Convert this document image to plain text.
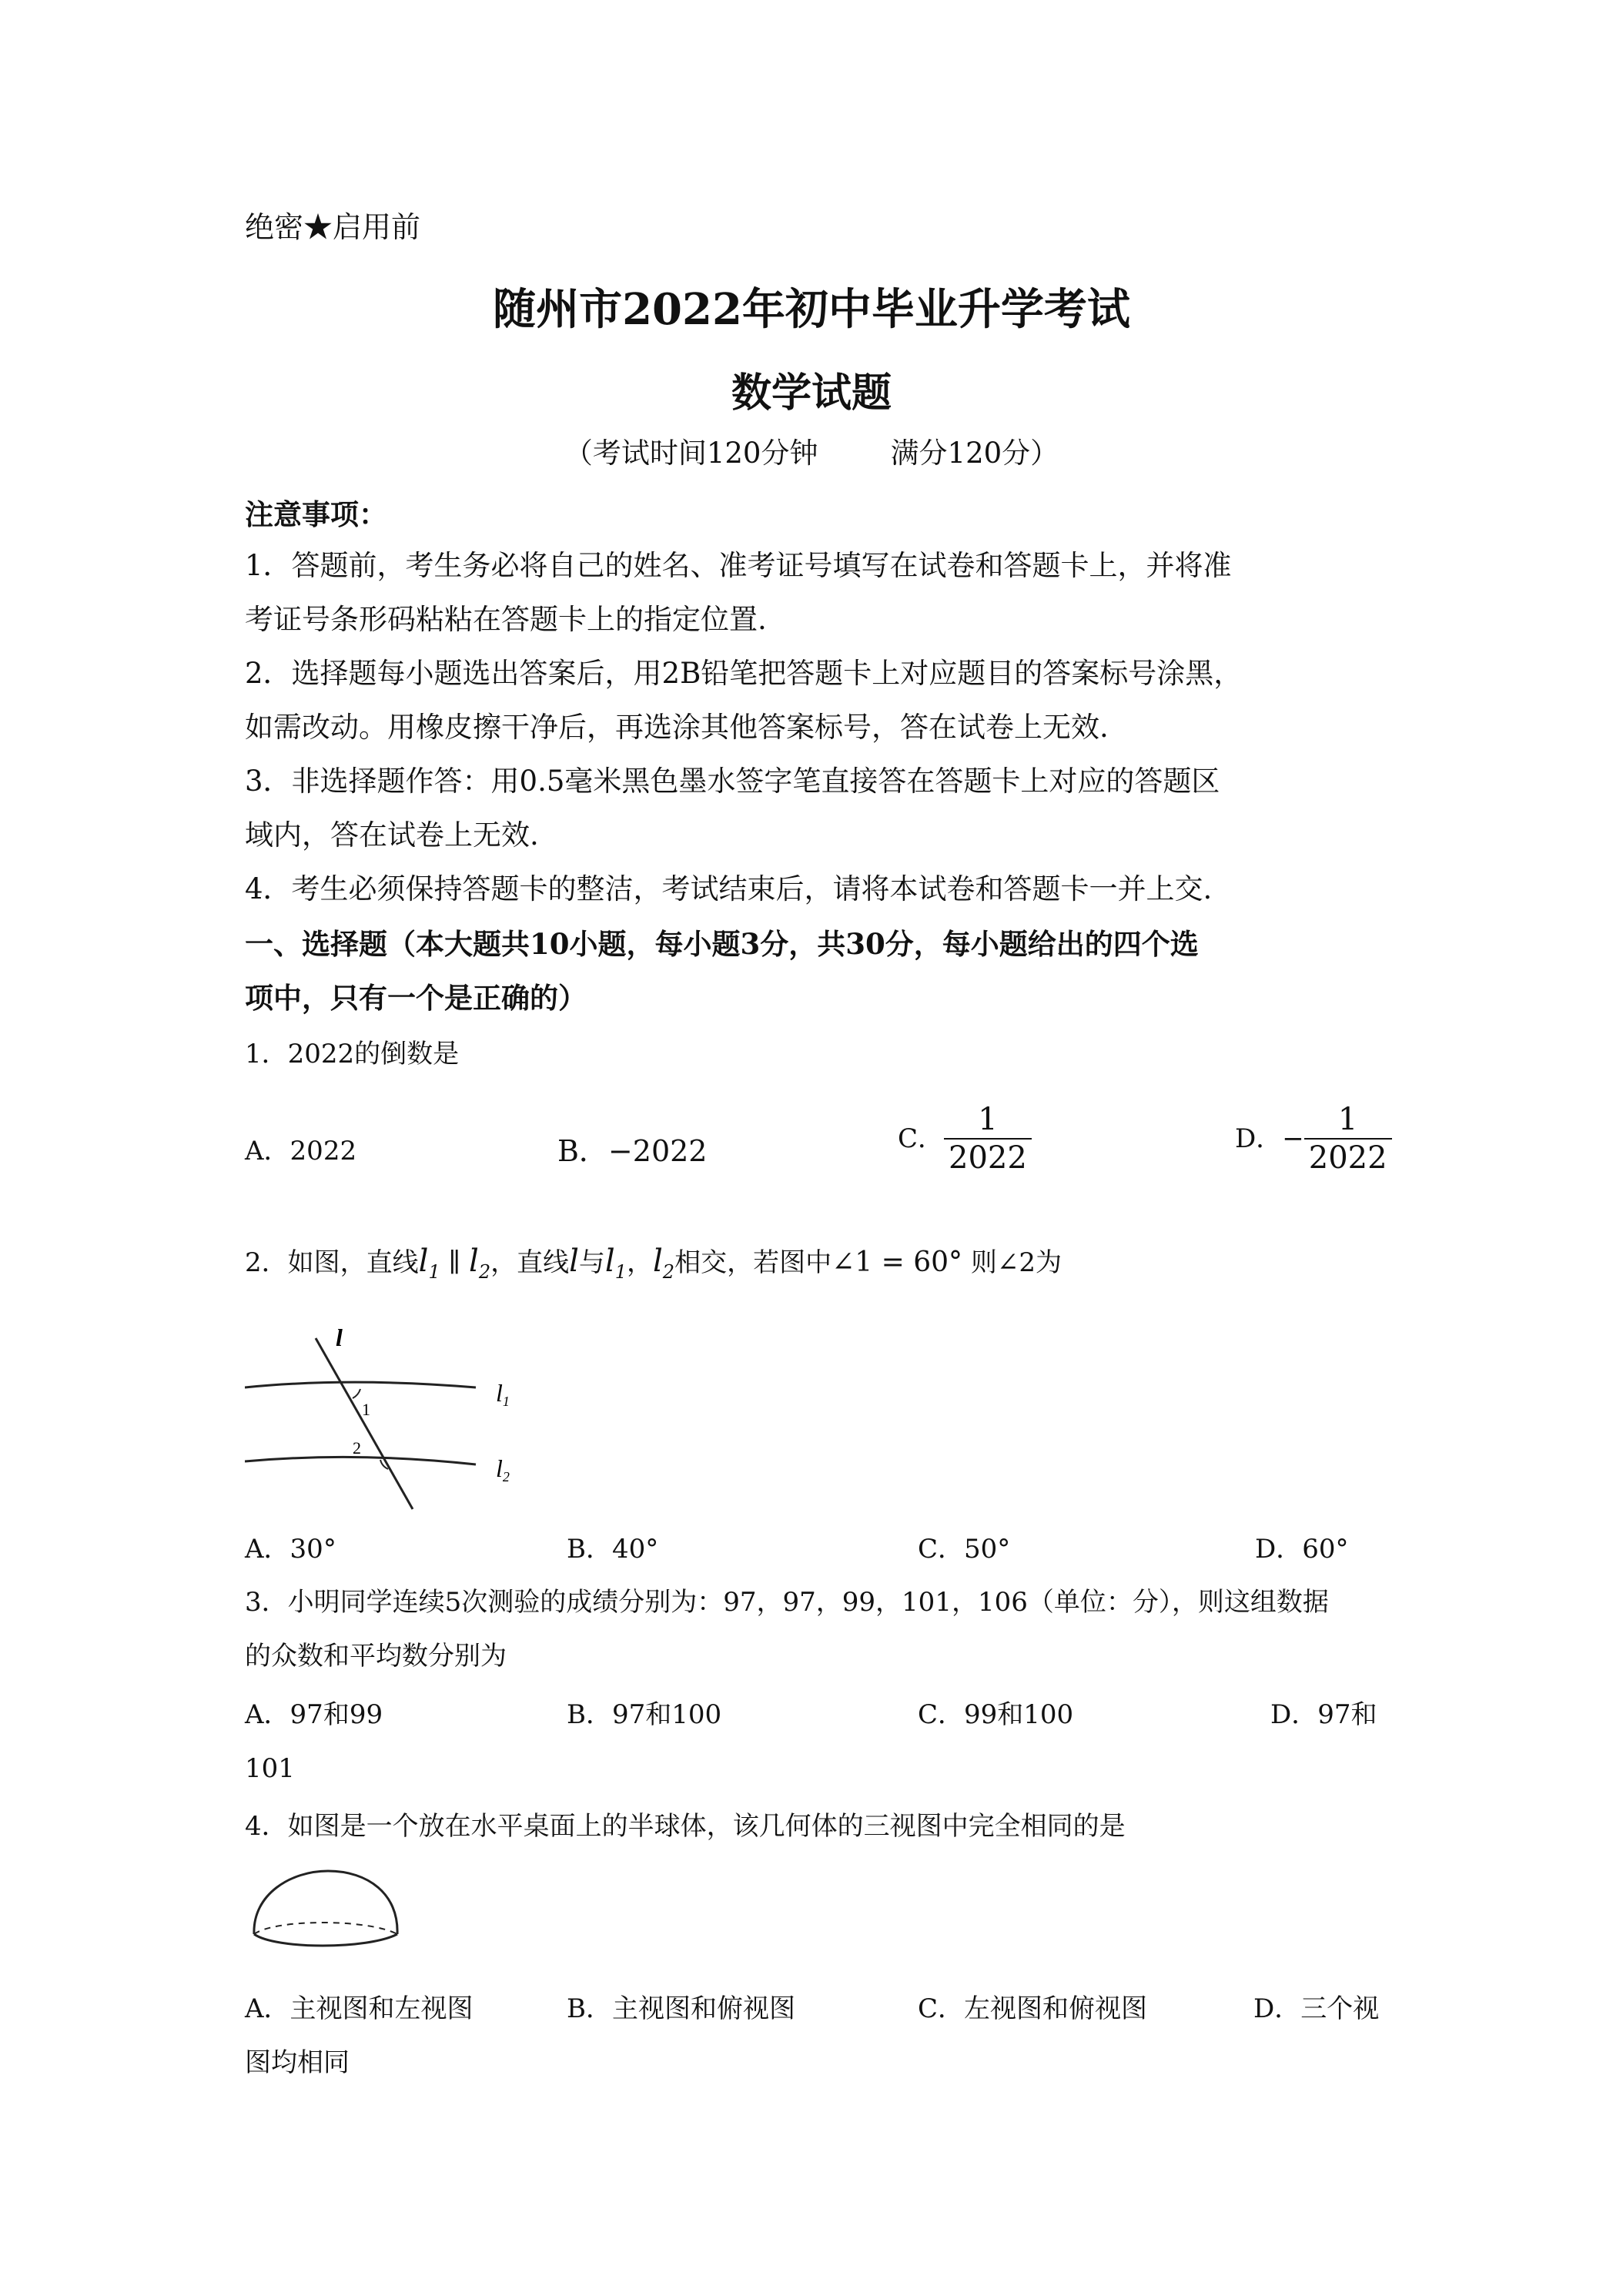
绝密★启用前
随州市2022年初中毕业升学考试
数学试题
（考试时间120分钟        满分120分）
注意事项：
1．答题前，考生务必将自己的姓名、准考证号填写在试卷和答题卡上，并将准
考证号条形码粘粘在答题卡上的指定位置.
2．选择题每小题选出答案后，用2B铅笔把答题卡上对应题目的答案标号涂黑，
如需改动。用橡皮擦干净后，再选涂其他答案标号，答在试卷上无效.
3．非选择题作答：用0.5毫米黑色墨水签字笔直接答在答题卡上对应的答题区
域内，答在试卷上无效.
4．考生必须保持答题卡的整洁，考试结束后，请将本试卷和答题卡一并上交.
一、选择题（本大题共10小题，每小题3分，共30分，每小题给出的四个选
项中，只有一个是正确的）
1．2022的倒数是
A．2022	B．−2022	C． $\frac{1}{2022}$	D．− $\frac{1}{2022}$
2．如图，直线$l_1$ ∥ $l_2$，直线l与$l_1$，$l_2$相交，若图中∠1 = 60° 则∠2为
l
1
2
l1
l2
A．30°	B．40°	C．50°	D．60°
3．小明同学连续5次测验的成绩分别为：97，97，99，101，106（单位：分），则这组数据
的众数和平均数分别为
A．97和99	B．97和100	C．99和100	D．97和
101
4．如图是一个放在水平桌面上的半球体，该几何体的三视图中完全相同的是
A．主视图和左视图	B．主视图和俯视图	C．左视图和俯视图	D．三个视
图均相同
